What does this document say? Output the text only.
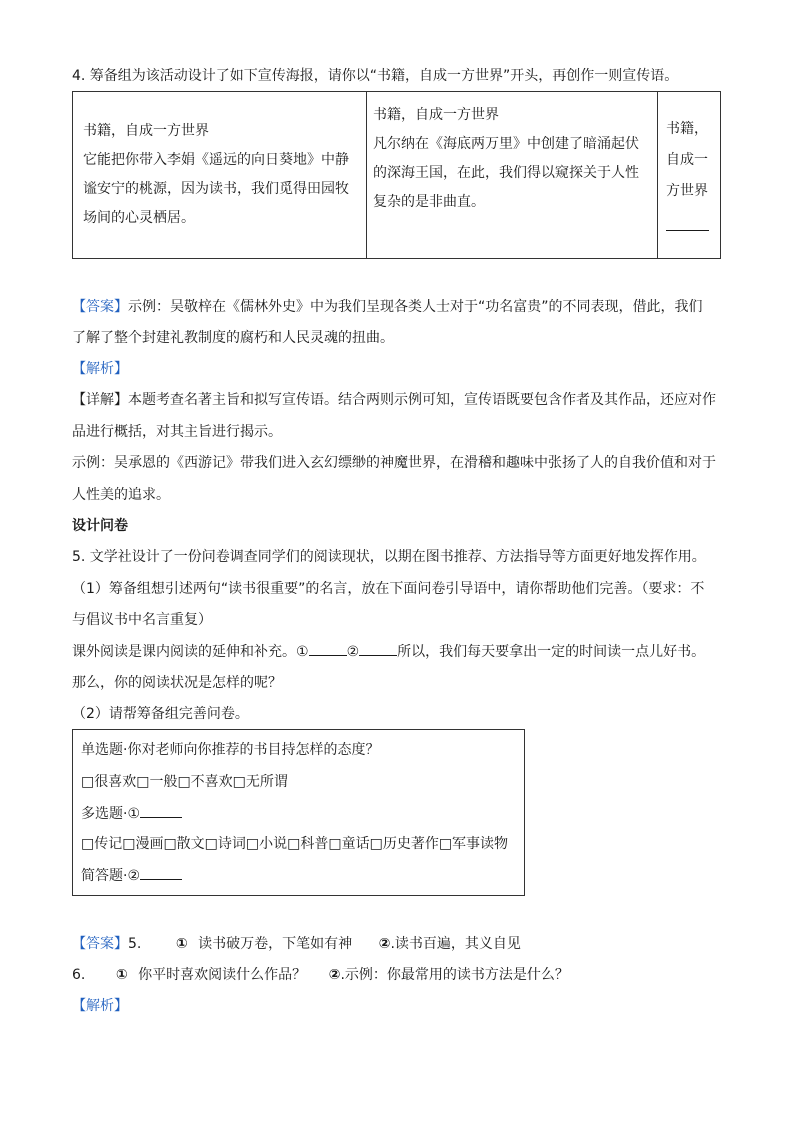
4. 筹备组为该活动设计了如下宣传海报，请你以“书籍，自成一方世界”开头，再创作一则宣传语。
书籍，自成一方世界
它能把你带入李娟《遥远的向日葵地》中静
谧安宁的桃源，因为读书，我们觅得田园牧
场间的心灵栖居。
书籍，自成一方世界
凡尔纳在《海底两万里》中创建了暗涌起伏
的深海王国，在此，我们得以窥探关于人性
复杂的是非曲直。
书籍，
自成一
方世界
【答案】示例：吴敬梓在《儒林外史》中为我们呈现各类人士对于“功名富贵”的不同表现，借此，我们
了解了整个封建礼教制度的腐朽和人民灵魂的扭曲。
【解析】
【详解】本题考查名著主旨和拟写宣传语。结合两则示例可知，宣传语既要包含作者及其作品，还应对作
品进行概括，对其主旨进行揭示。
示例：吴承恩的《西游记》带我们进入玄幻缥缈的神魔世界，在滑稽和趣味中张扬了人的自我价值和对于
人性美的追求。
设计问卷
5. 文学社设计了一份问卷调查同学们的阅读现状，以期在图书推荐、方法指导等方面更好地发挥作用。
（1）筹备组想引述两句“读书很重要”的名言，放在下面问卷引导语中，请你帮助他们完善。（要求：不
与倡议书中名言重复）
课外阅读是课内阅读的延伸和补充。①	②	所以，我们每天要拿出一定的时间读一点儿好书。
那么，你的阅读状况是怎样的呢？
（2）请帮筹备组完善问卷。
单选题·你对老师向你推荐的书目持怎样的态度？
□很喜欢□一般□不喜欢□无所谓
多选题·①
□传记□漫画□散文□诗词□小说□科普□童话□历史著作□军事读物
简答题·②
【答案】5. ① 读书破万卷，下笔如有神 ②.读书百遍，其义自见
6. ① 你平时喜欢阅读什么作品？ ②.示例：你最常用的读书方法是什么？
【解析】
